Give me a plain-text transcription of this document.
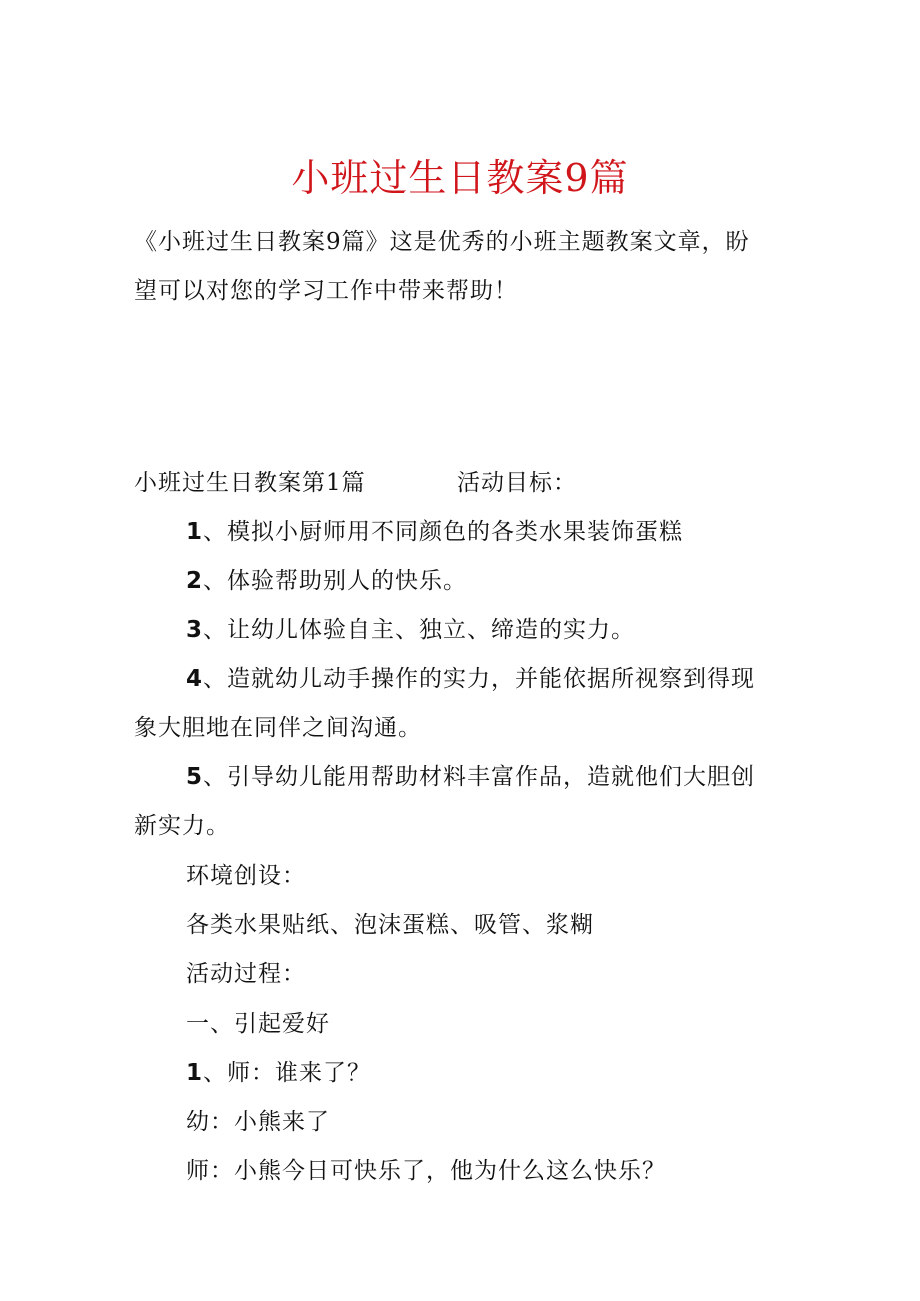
小班过生日教案9篇
《小班过生日教案9篇》这是优秀的小班主题教案文章，盼
望可以对您的学习工作中带来帮助！
小班过生日教案第1篇	活动目标：
1、模拟小厨师用不同颜色的各类水果装饰蛋糕
2、体验帮助别人的快乐。
3、让幼儿体验自主、独立、缔造的实力。
4、造就幼儿动手操作的实力，并能依据所视察到得现
象大胆地在同伴之间沟通。
5、引导幼儿能用帮助材料丰富作品，造就他们大胆创
新实力。
环境创设：
各类水果贴纸、泡沫蛋糕、吸管、浆糊
活动过程：
一、引起爱好
1、师：谁来了？
幼：小熊来了
师：小熊今日可快乐了，他为什么这么快乐？
